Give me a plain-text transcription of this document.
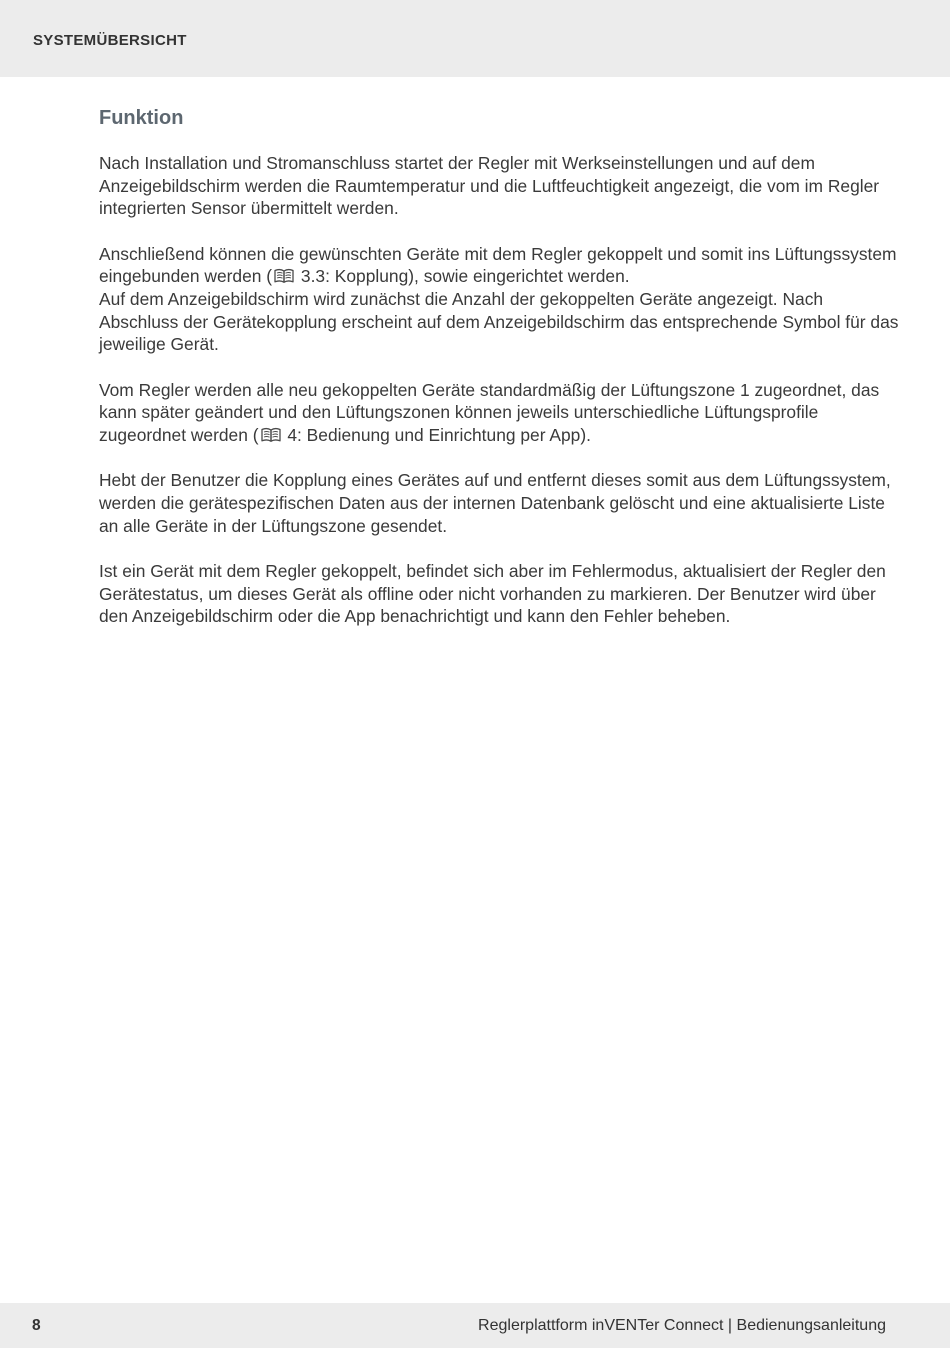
SYSTEMÜBERSICHT
Funktion

Nach Installation und Stromanschluss startet der Regler mit Werkseinstellungen und auf dem Anzeigebildschirm werden die Raumtemperatur und die Luftfeuchtigkeit angezeigt, die vom im Regler integrierten Sensor übermittelt werden.

Anschließend können die gewünschten Geräte mit dem Regler gekoppelt und somit ins Lüftungssystem eingebunden werden ( 3.3: Kopplung), sowie eingerichtet werden.
Auf dem Anzeigebildschirm wird zunächst die Anzahl der gekoppelten Geräte angezeigt. Nach Abschluss der Gerätekopplung erscheint auf dem Anzeigebildschirm das entsprechende Symbol für das jeweilige Gerät.

Vom Regler werden alle neu gekoppelten Geräte standardmäßig der Lüftungszone 1 zugeordnet, das kann später geändert und den Lüftungszonen können jeweils unterschiedliche Lüftungsprofile zugeordnet werden ( 4: Bedienung und Einrichtung per App).

Hebt der Benutzer die Kopplung eines Gerätes auf und entfernt dieses somit aus dem Lüftungssystem, werden die gerätespezifischen Daten aus der internen Datenbank gelöscht und eine aktualisierte Liste an alle Geräte in der Lüftungszone gesendet.

Ist ein Gerät mit dem Regler gekoppelt, befindet sich aber im Fehlermodus, aktualisiert der Regler den Gerätestatus, um dieses Gerät als offline oder nicht vorhanden zu markieren. Der Benutzer wird über den Anzeigebildschirm oder die App benachrichtigt und kann den Fehler beheben.

8	Reglerplattform inVENTer Connect | Bedienungsanleitung
